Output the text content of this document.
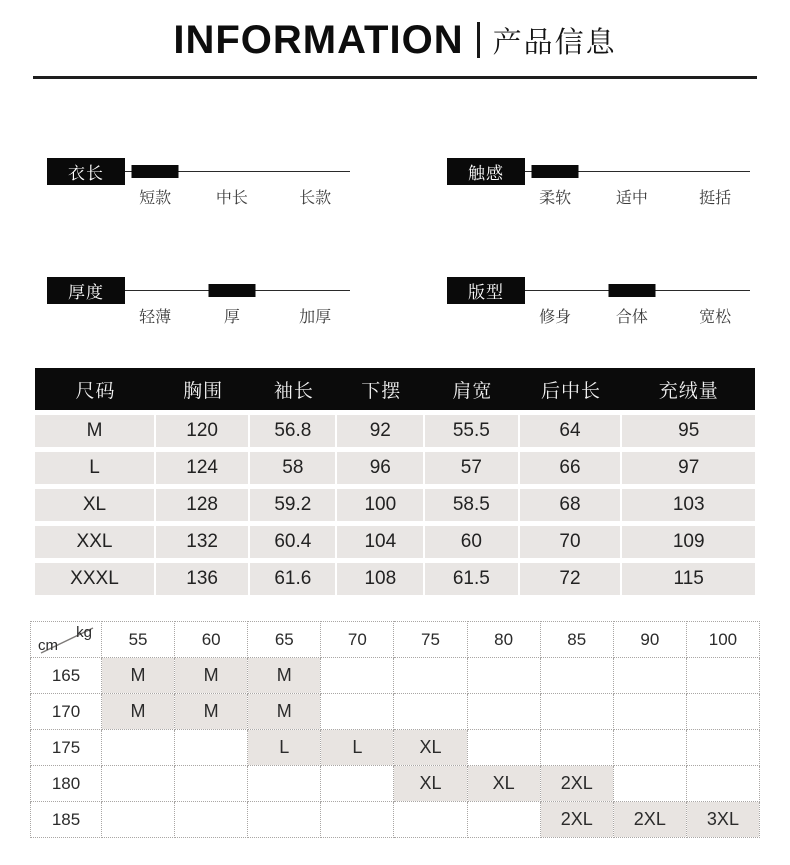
INFORMATION 产品信息
衣长
短款	中长	长款
触感
柔软	适中	挺括
厚度
轻薄	厚	加厚
版型
修身	合体	宽松
尺码	胸围	袖长	下摆	肩宽	后中长	充绒量
M	120	56.8	92	55.5	64	95
L	124	58	96	57	66	97
XL	128	59.2	100	58.5	68	103
XXL	132	60.4	104	60	70	109
XXXL	136	61.6	108	61.5	72	115
kg
cm	55	60	65	70	75	80	85	90	100
165	M	M	M						
170	M	M	M						
175			L	L	XL				
180					XL	XL	2XL		
185							2XL	2XL	3XL
